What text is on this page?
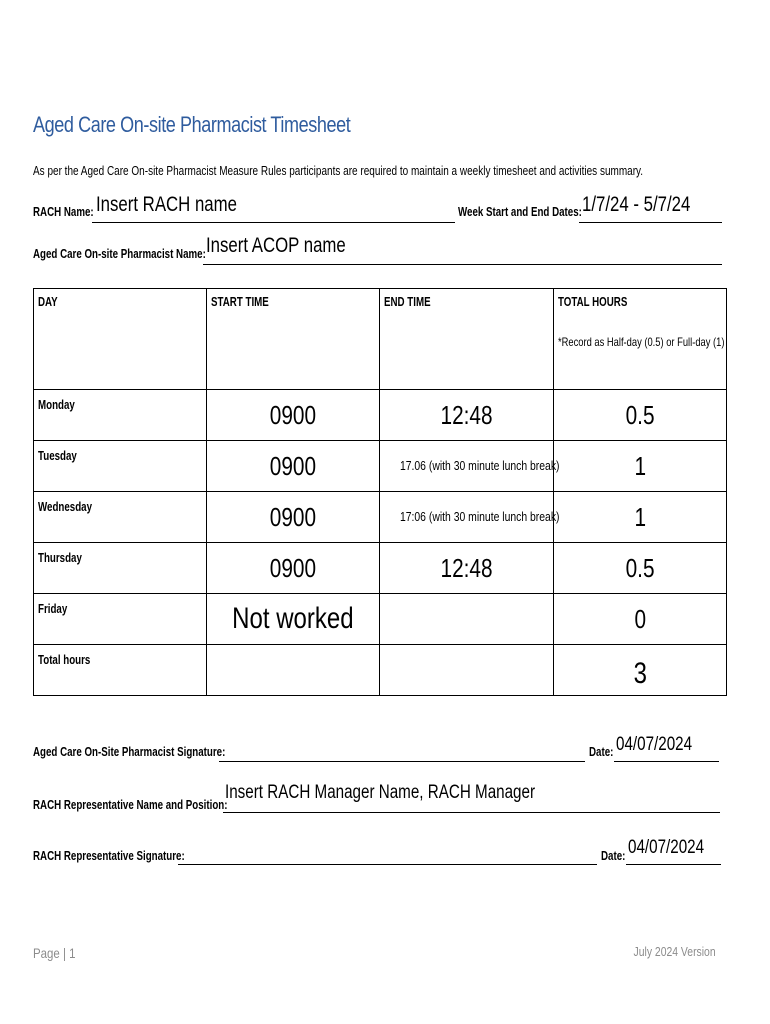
Aged Care On-site Pharmacist Timesheet
As per the Aged Care On-site Pharmacist Measure Rules participants are required to maintain a weekly timesheet and activities summary.
RACH Name: Insert RACH name	Week Start and End Dates: 1/7/24 - 5/7/24
Aged Care On-site Pharmacist Name: Insert ACOP name
DAY	START TIME	END TIME	TOTAL HOURS
*Record as Half-day (0.5) or Full-day (1)

Monday	0900	12:48	0.5

Tuesday	0900	17.06 (with 30 minute lunch break)	1

Wednesday	0900	17:06 (with 30 minute lunch break)	1

Thursday	0900	12:48	0.5

Friday	Not worked		0

Total hours			3
Aged Care On-Site Pharmacist Signature:	Date: 04/07/2024
RACH Representative Name and Position:
Insert RACH Manager Name, RACH Manager
RACH Representative Signature:	Date: 04/07/2024
Page | 1	July 2024 Version
